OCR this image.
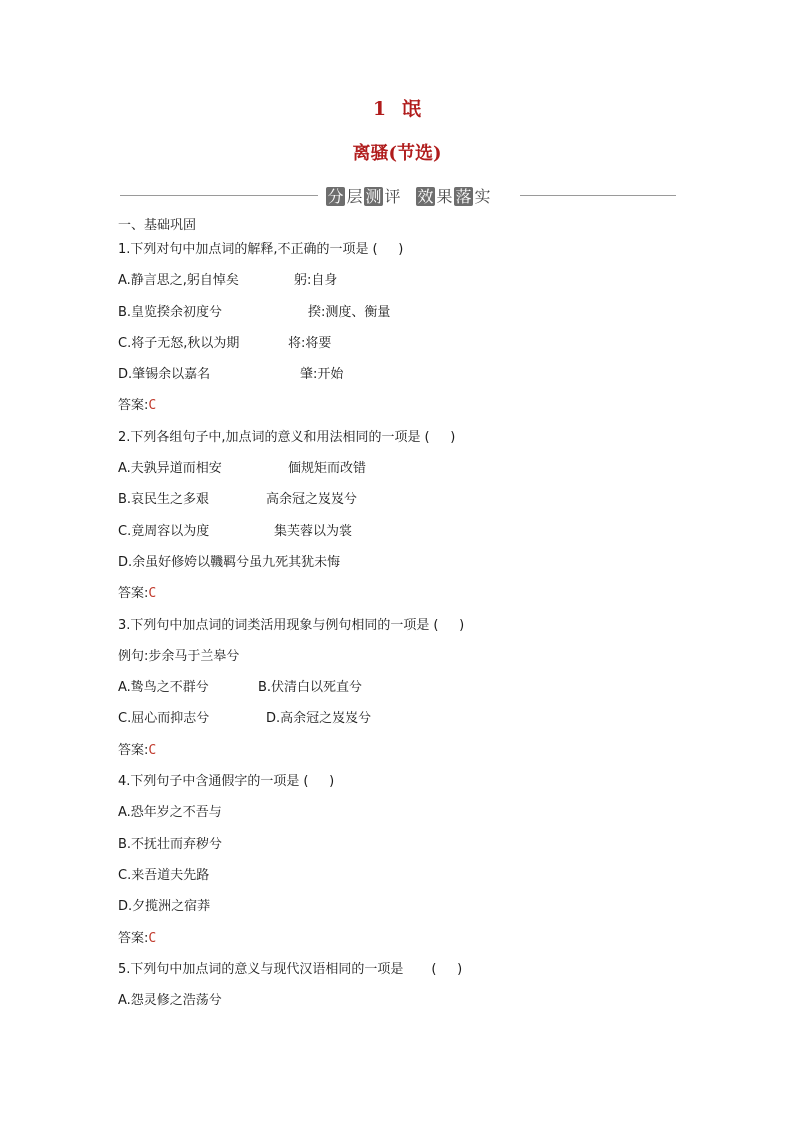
1 氓
离骚(节选)
分 层 测 评 效 果 落 实
一、基础巩固
1.下列对句中加点词的解释,不正确的一项是 (     )
A.静言思之,躬自悼矣	躬:自身
B.皇览揆余初度兮	揆:测度、衡量
C.将子无怒,秋以为期	将:将要
D.肇锡余以嘉名	肇:开始
答案:C
2.下列各组句子中,加点词的意义和用法相同的一项是 (     )
A.夫孰异道而相安	偭规矩而改错
B.哀民生之多艰	高余冠之岌岌兮
C.竟周容以为度	集芙蓉以为裳
D.余虽好修姱以鞿羁兮虽九死其犹未悔
答案:C
3.下列句中加点词的词类活用现象与例句相同的一项是 (     )
例句:步余马于兰皋兮
A.鸷鸟之不群兮	B.伏清白以死直兮
C.屈心而抑志兮	D.高余冠之岌岌兮
答案:C
4.下列句子中含通假字的一项是 (     )
A.恐年岁之不吾与
B.不抚壮而弃秽兮
C.来吾道夫先路
D.夕揽洲之宿莽
答案:C
5.下列句中加点词的意义与现代汉语相同的一项是 (     )
A.怨灵修之浩荡兮
